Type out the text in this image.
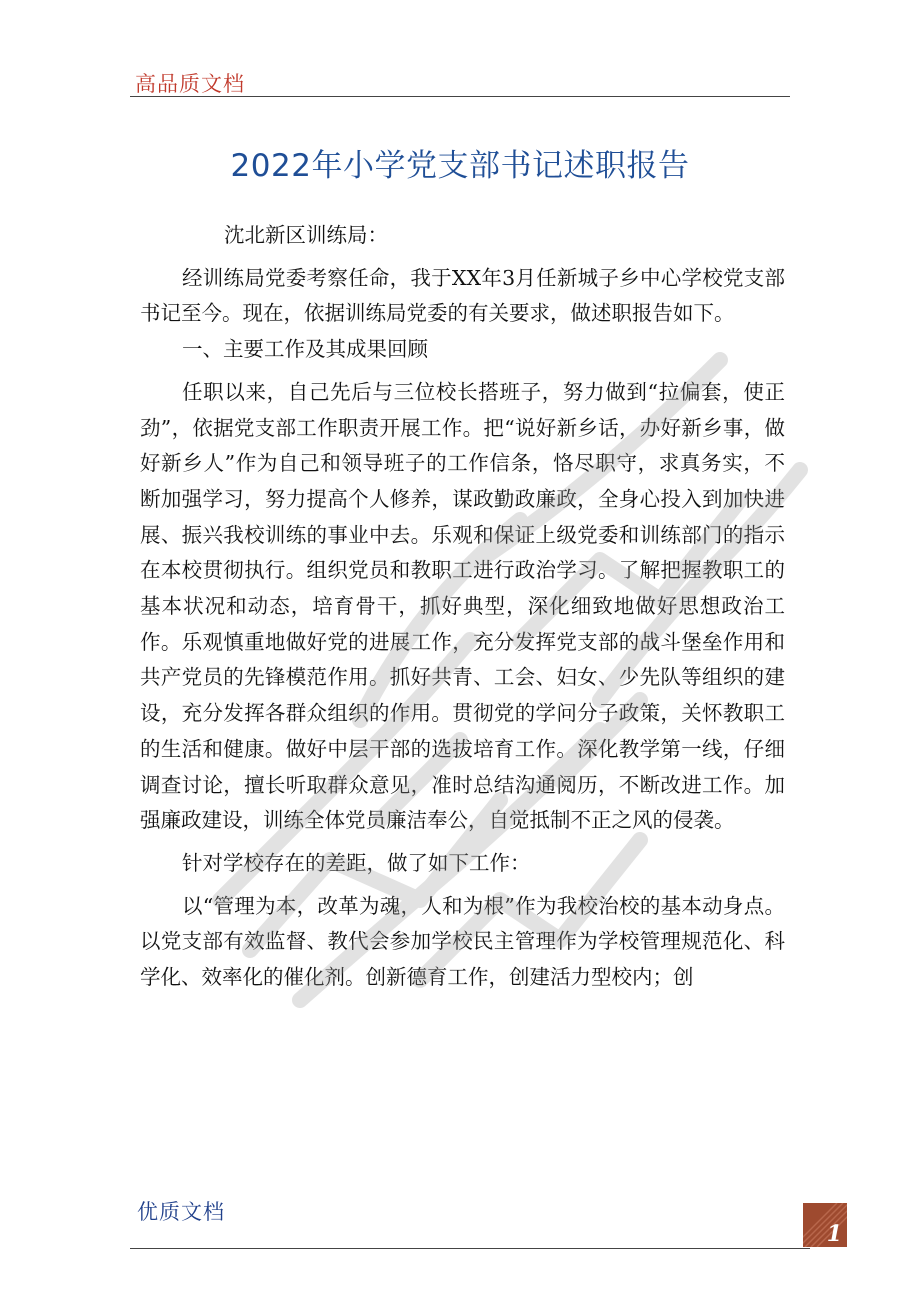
高品质文档
2022年小学党支部书记述职报告

沈北新区训练局：

经训练局党委考察任命，我于XX年3月任新城子乡中心学校党支部书记至今。现在，依据训练局党委的有关要求，做述职报告如下。

一、主要工作及其成果回顾

任职以来，自己先后与三位校长搭班子，努力做到“拉偏套，使正劲”，依据党支部工作职责开展工作。把“说好新乡话，办好新乡事，做好新乡人”作为自己和领导班子的工作信条，恪尽职守，求真务实，不断加强学习，努力提高个人修养，谋政勤政廉政，全身心投入到加快进展、振兴我校训练的事业中去。乐观和保证上级党委和训练部门的指示在本校贯彻执行。组织党员和教职工进行政治学习。了解把握教职工的基本状况和动态，培育骨干，抓好典型，深化细致地做好思想政治工作。乐观慎重地做好党的进展工作，充分发挥党支部的战斗堡垒作用和共产党员的先锋模范作用。抓好共青、工会、妇女、少先队等组织的建设，充分发挥各群众组织的作用。贯彻党的学问分子政策，关怀教职工的生活和健康。做好中层干部的选拔培育工作。深化教学第一线，仔细调查讨论，擅长听取群众意见，准时总结沟通阅历，不断改进工作。加强廉政建设，训练全体党员廉洁奉公，自觉抵制不正之风的侵袭。

针对学校存在的差距，做了如下工作：

以“管理为本，改革为魂，人和为根”作为我校治校的基本动身点。以党支部有效监督、教代会参加学校民主管理作为学校管理规范化、科学化、效率化的催化剂。创新德育工作，创建活力型校内；创

优质文档
1
